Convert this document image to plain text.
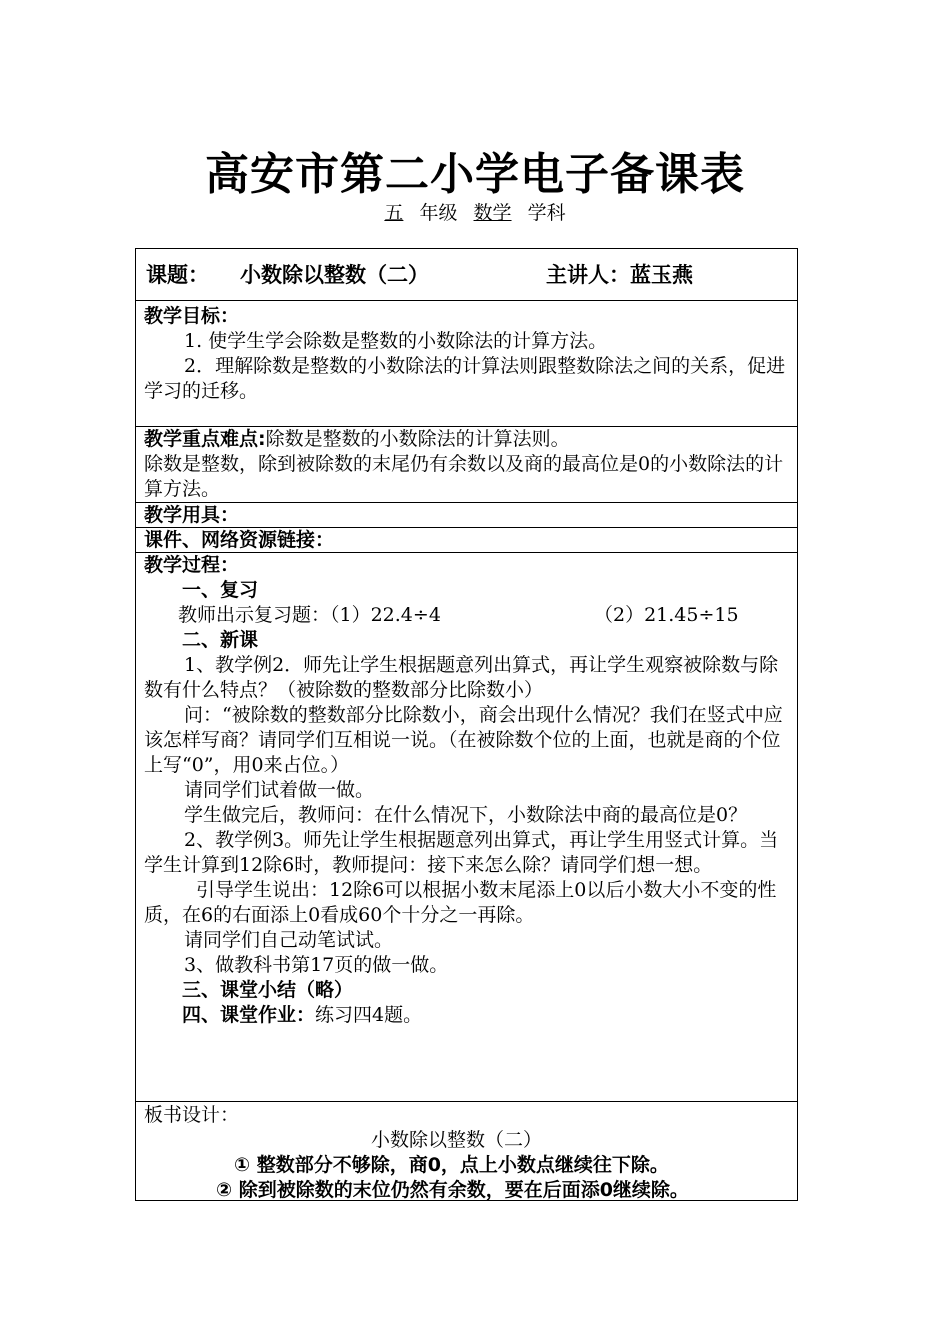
高安市第二小学电子备课表
五 年级 数学 学科
课题： 小数除以整数（二）	主讲人： 蓝玉燕

教学目标：

1. 使学生学会除数是整数的小数除法的计算方法。

2．理解除数是整数的小数除法的计算法则跟整数除法之间的关系，促进学习的迁移。

教学重点难点:除数是整数的小数除法的计算法则。

除数是整数，除到被除数的末尾仍有余数以及商的最高位是0的小数除法的计算方法。

教学用具：

课件、网络资源链接：

教学过程：

一、复习

教师出示复习题：（1）22.4÷4	（2）21.45÷15

二、新课

1、教学例2．师先让学生根据题意列出算式，再让学生观察被除数与除数有什么特点？（被除数的整数部分比除数小）

问：“被除数的整数部分比除数小，商会出现什么情况？我们在竖式中应该怎样写商？请同学们互相说一说。（在被除数个位的上面，也就是商的个位上写“0”，用0来占位。）

请同学们试着做一做。

学生做完后，教师问：在什么情况下，小数除法中商的最高位是0？

2、教学例3。师先让学生根据题意列出算式，再让学生用竖式计算。当学生计算到12除6时，教师提问：接下来怎么除？请同学们想一想。

引导学生说出：12除6可以根据小数末尾添上0以后小数大小不变的性质，在6的右面添上0看成60个十分之一再除。

请同学们自己动笔试试。

3、做教科书第17页的做一做。

三、课堂小结（略）

四、课堂作业：练习四4题。

板书设计：

小数除以整数（二）

① 整数部分不够除，商0，点上小数点继续往下除。

② 除到被除数的末位仍然有余数，要在后面添0继续除。
